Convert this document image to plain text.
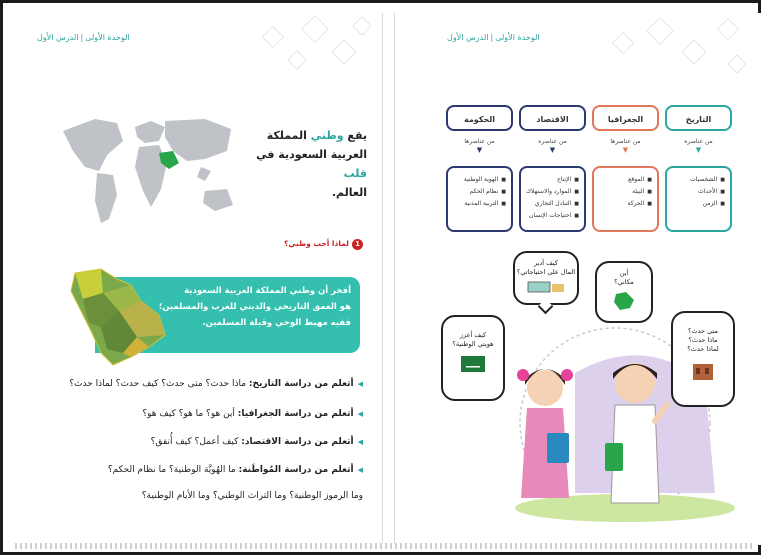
الوحدة الأولى|الدرس الأول
يقع وطني المملكة
العربية السعودية في قلب
العالم.
1لماذا أحب وطني؟
أفخر أن وطني المملكة العربية السعودية
هو العمق التاريخي والديني للعرب والمسلمين؛
ففيه مهبط الوحي وقبلة المسلمين.
◀أتعلم من دراسة التاريخ: ماذا حدث؟ متى حدث؟ كيف حدث؟ لماذا حدث؟
◀أتعلم من دراسة الجغرافيا: أين هو؟ ما هو؟ كيف هو؟
◀أتعلم من دراسة الاقتصاد: كيف أعمل؟ كيف أُنفق؟
◀أتعلم من دراسة المُواطَنة: ما الهُويَّة الوطنية؟ ما نظام الحكم؟
وما الرموز الوطنية؟ وما التراث الوطني؟ وما الأيام الوطنية؟
الوحدة الأولى|الدرس الأول
التاريخ
الجغرافيا
الاقتصاد
الحكومة
من عناصره
من عناصرها
من عناصره
من عناصرها
▼
▼
▼
▼
■ الشخصيات
■ الأحداث
■ الزمن
■ الموقع
■ البيئة
■ الحركة
■ الإنتاج
■ الموارد والاستهلاك
■ التبادل التجاري
■ احتياجات الإنسان
■ الهوية الوطنية
■ نظام الحكم
■ التربية المدنية
كيف أدير
المال على احتياجاتي؟	أين
مكاني؟
متى حدث؟
ماذا حدث؟
لماذا حدث؟
كيف أعزز
هويتي الوطنية؟
